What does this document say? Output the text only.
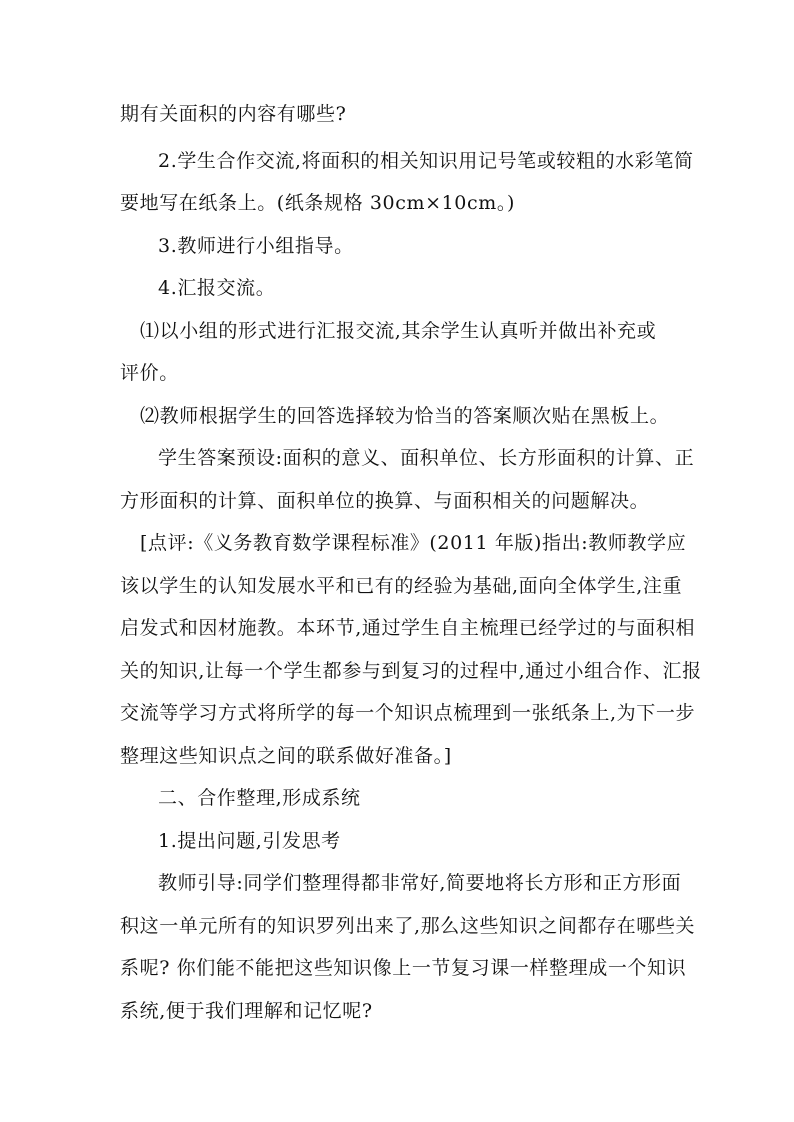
期有关面积的内容有哪些?
2.学生合作交流,将面积的相关知识用记号笔或较粗的水彩笔简
要地写在纸条上。(纸条规格 30cm×10cm。)
3.教师进行小组指导。
4.汇报交流。
⑴以小组的形式进行汇报交流,其余学生认真听并做出补充或
评价。
⑵教师根据学生的回答选择较为恰当的答案顺次贴在黑板上。
学生答案预设:面积的意义、面积单位、长方形面积的计算、正
方形面积的计算、面积单位的换算、与面积相关的问题解决。
[点评:《义务教育数学课程标准》(2011 年版)指出:教师教学应
该以学生的认知发展水平和已有的经验为基础,面向全体学生,注重
启发式和因材施教。本环节,通过学生自主梳理已经学过的与面积相
关的知识,让每一个学生都参与到复习的过程中,通过小组合作、汇报
交流等学习方式将所学的每一个知识点梳理到一张纸条上,为下一步
整理这些知识点之间的联系做好准备。]
二、合作整理,形成系统
1.提出问题,引发思考
教师引导:同学们整理得都非常好,简要地将长方形和正方形面
积这一单元所有的知识罗列出来了,那么这些知识之间都存在哪些关
系呢? 你们能不能把这些知识像上一节复习课一样整理成一个知识
系统,便于我们理解和记忆呢?
